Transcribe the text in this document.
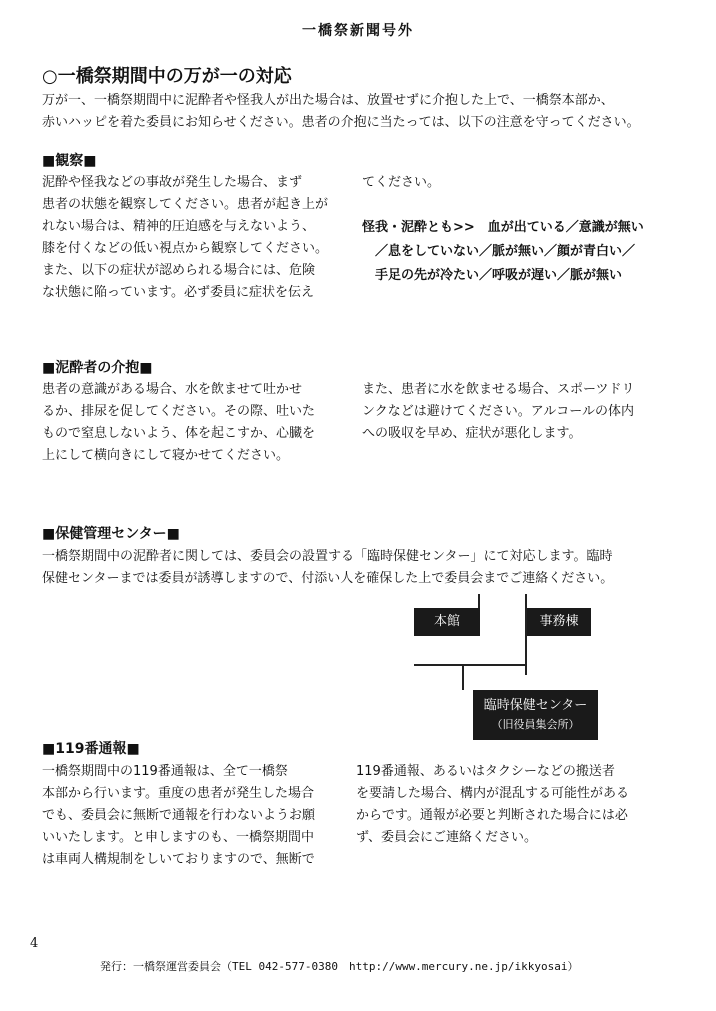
一橋祭新聞号外
○一橋祭期間中の万が一の対応
万が一、一橋祭期間中に泥酔者や怪我人が出た場合は、放置せずに介抱した上で、一橋祭本部か、
赤いハッピを着た委員にお知らせください。患者の介抱に当たっては、以下の注意を守ってください。
■観察■
泥酔や怪我などの事故が発生した場合、まず
患者の状態を観察してください。患者が起き上が
れない場合は、精神的圧迫感を与えないよう、
膝を付くなどの低い視点から観察してください。
また、以下の症状が認められる場合には、危険
な状態に陥っています。必ず委員に症状を伝え
てください。
怪我・泥酔とも>>　血が出ている／意識が無い
　／息をしていない／脈が無い／顔が青白い／
　手足の先が冷たい／呼吸が遅い／脈が無い
■泥酔者の介抱■
患者の意識がある場合、水を飲ませて吐かせ
るか、排尿を促してください。その際、吐いた
もので窒息しないよう、体を起こすか、心臓を
上にして横向きにして寝かせてください。
また、患者に水を飲ませる場合、スポーツドリ
ンクなどは避けてください。アルコールの体内
への吸収を早め、症状が悪化します。
■保健管理センター■
一橋祭期間中の泥酔者に関しては、委員会の設置する「臨時保健センター」にて対応します。臨時
保健センターまでは委員が誘導しますので、付添い人を確保した上で委員会までご連絡ください。
本館	事務棟
臨時保健センター
（旧役員集会所）
■119番通報■
一橋祭期間中の119番通報は、全て一橋祭
本部から行います。重度の患者が発生した場合
でも、委員会に無断で通報を行わないようお願
いいたします。と申しますのも、一橋祭期間中
は車両人構規制をしいておりますので、無断で
119番通報、あるいはタクシーなどの搬送者
を要請した場合、構内が混乱する可能性がある
からです。通報が必要と判断された場合には必
ず、委員会にご連絡ください。
4
発行：一橋祭運営委員会（TEL 042-577-0380　http://www.mercury.ne.jp/ikkyosai）
